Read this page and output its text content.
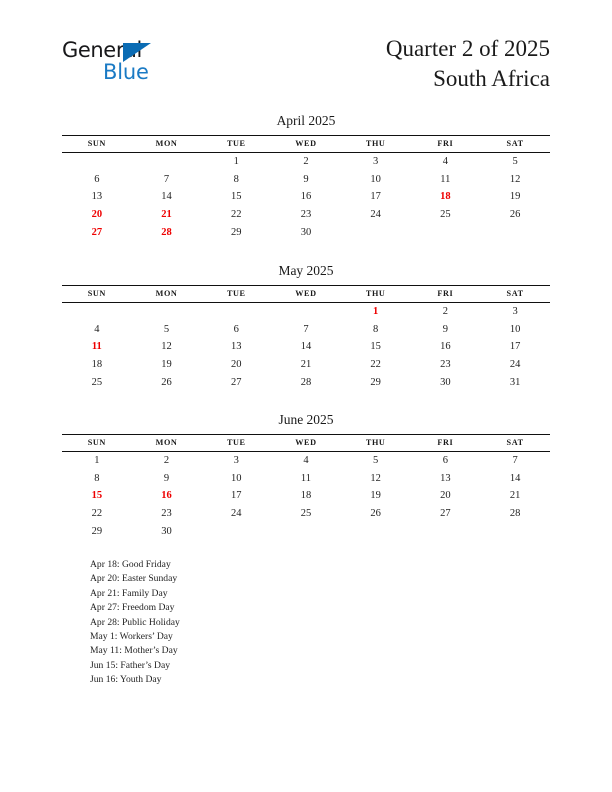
General
Blue
Quarter 2 of 2025
South Africa
April 2025
SUN	MON	TUE	WED	THU	FRI	SAT
		1	2	3	4	5
6	7	8	9	10	11	12
13	14	15	16	17	18	19
20	21	22	23	24	25	26
27	28	29	30			
May 2025
SUN	MON	TUE	WED	THU	FRI	SAT
				1	2	3
4	5	6	7	8	9	10
11	12	13	14	15	16	17
18	19	20	21	22	23	24
25	26	27	28	29	30	31
June 2025
SUN	MON	TUE	WED	THU	FRI	SAT
1	2	3	4	5	6	7
8	9	10	11	12	13	14
15	16	17	18	19	20	21
22	23	24	25	26	27	28
29	30					
Apr 18: Good Friday
Apr 20: Easter Sunday
Apr 21: Family Day
Apr 27: Freedom Day
Apr 28: Public Holiday
May 1: Workers’ Day
May 11: Mother’s Day
Jun 15: Father’s Day
Jun 16: Youth Day
